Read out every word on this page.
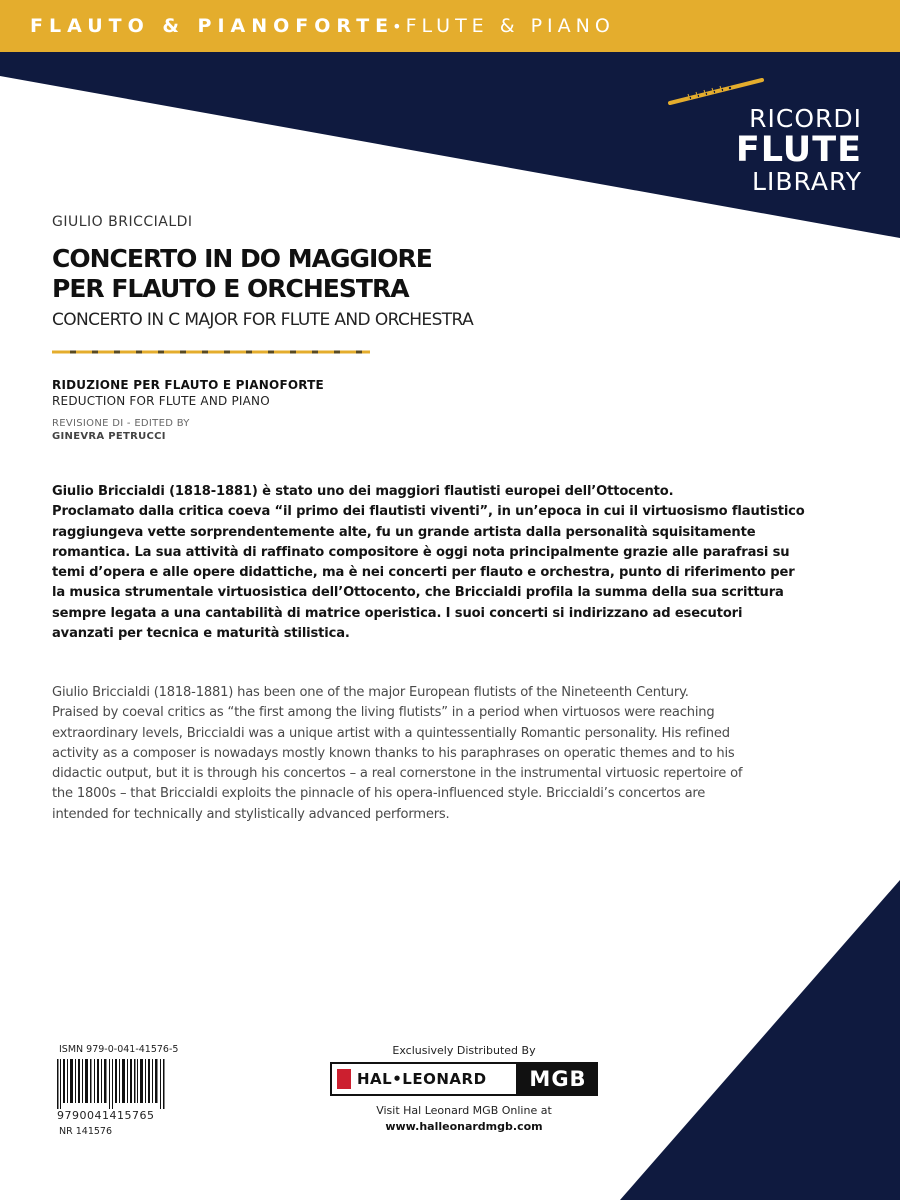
FLAUTO & PIANOFORTE
• FLUTE & PIANO
RICORDI
FLUTE
LIBRARY
GIULIO BRICCIALDI
CONCERTO IN DO MAGGIORE
PER FLAUTO E ORCHESTRA
CONCERTO IN C MAJOR FOR FLUTE AND ORCHESTRA
RIDUZIONE PER FLAUTO E PIANOFORTE
REDUCTION FOR FLUTE AND PIANO
REVISIONE DI - EDITED BY
GINEVRA PETRUCCI

Giulio Briccialdi (1818-1881) è stato uno dei maggiori flautisti europei dell’Ottocento.
Proclamato dalla critica coeva “il primo dei flautisti viventi”, in un’epoca in cui il virtuosismo flautistico
raggiungeva vette sorprendentemente alte, fu un grande artista dalla personalità squisitamente
romantica. La sua attività di raffinato compositore è oggi nota principalmente grazie alle parafrasi su
temi d’opera e alle opere didattiche, ma è nei concerti per flauto e orchestra, punto di riferimento per
la musica strumentale virtuosistica dell’Ottocento, che Briccialdi profila la summa della sua scrittura
sempre legata a una cantabilità di matrice operistica. I suoi concerti si indirizzano ad esecutori
avanzati per tecnica e maturità stilistica.

Giulio Briccialdi (1818-1881) has been one of the major European flutists of the Nineteenth Century.
Praised by coeval critics as “the first among the living flutists” in a period when virtuosos were reaching
extraordinary levels, Briccialdi was a unique artist with a quintessentially Romantic personality. His refined
activity as a composer is nowadays mostly known thanks to his paraphrases on operatic themes and to his
didactic output, but it is through his concertos – a real cornerstone in the instrumental virtuosic repertoire of
the 1800s – that Briccialdi exploits the pinnacle of his opera-influenced style. Briccialdi’s concertos are
intended for technically and stylistically advanced performers.

ISMN 979-0-041-41576-5
9790041415765
NR 141576
Exclusively Distributed By
HAL•LEONARD	MGB
Visit Hal Leonard MGB Online at
www.halleonardmgb.com
